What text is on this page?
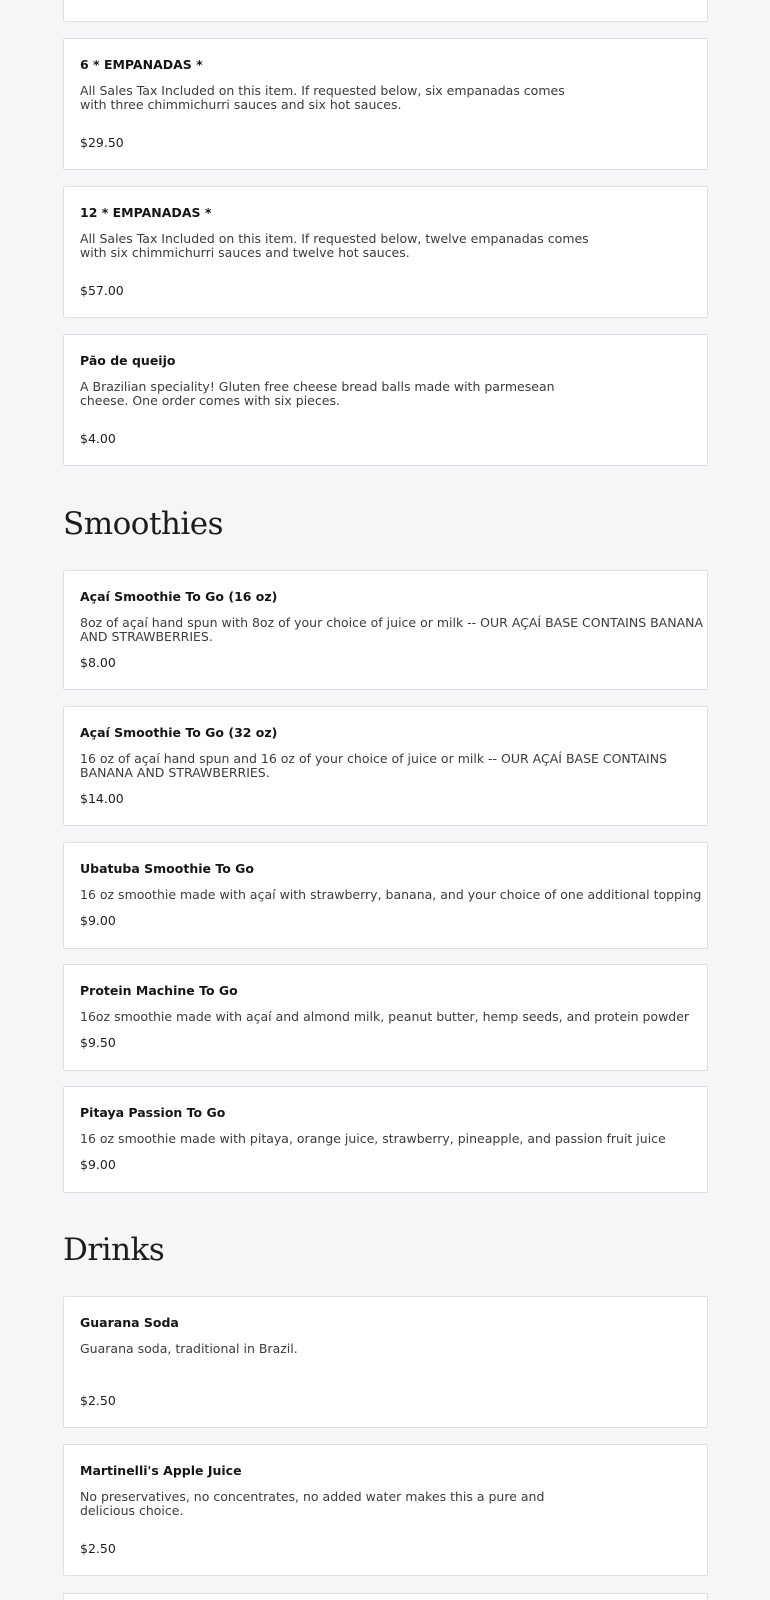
6 * EMPANADAS *
All Sales Tax Included on this item. If requested below, six empanadas comes
with three chimmichurri sauces and six hot sauces.
$29.50
12 * EMPANADAS *
All Sales Tax Included on this item. If requested below, twelve empanadas comes
with six chimmichurri sauces and twelve hot sauces.
$57.00
Pão de queijo
A Brazilian speciality! Gluten free cheese bread balls made with parmesean
cheese. One order comes with six pieces.
$4.00
Smoothies
Açaí Smoothie To Go (16 oz)
8oz of açaí hand spun with 8oz of your choice of juice or milk -- OUR AÇAÍ BASE CONTAINS BANANA
AND STRAWBERRIES.
$8.00
Açaí Smoothie To Go (32 oz)
16 oz of açaí hand spun and 16 oz of your choice of juice or milk -- OUR AÇAÍ BASE CONTAINS
BANANA AND STRAWBERRIES.
$14.00
Ubatuba Smoothie To Go
16 oz smoothie made with açaí with strawberry, banana, and your choice of one additional topping
$9.00
Protein Machine To Go
16oz smoothie made with açaí and almond milk, peanut butter, hemp seeds, and protein powder
$9.50
Pitaya Passion To Go
16 oz smoothie made with pitaya, orange juice, strawberry, pineapple, and passion fruit juice
$9.00
Drinks
Guarana Soda
Guarana soda, traditional in Brazil.
$2.50
Martinelli's Apple Juice
No preservatives, no concentrates, no added water makes this a pure and
delicious choice.
$2.50
